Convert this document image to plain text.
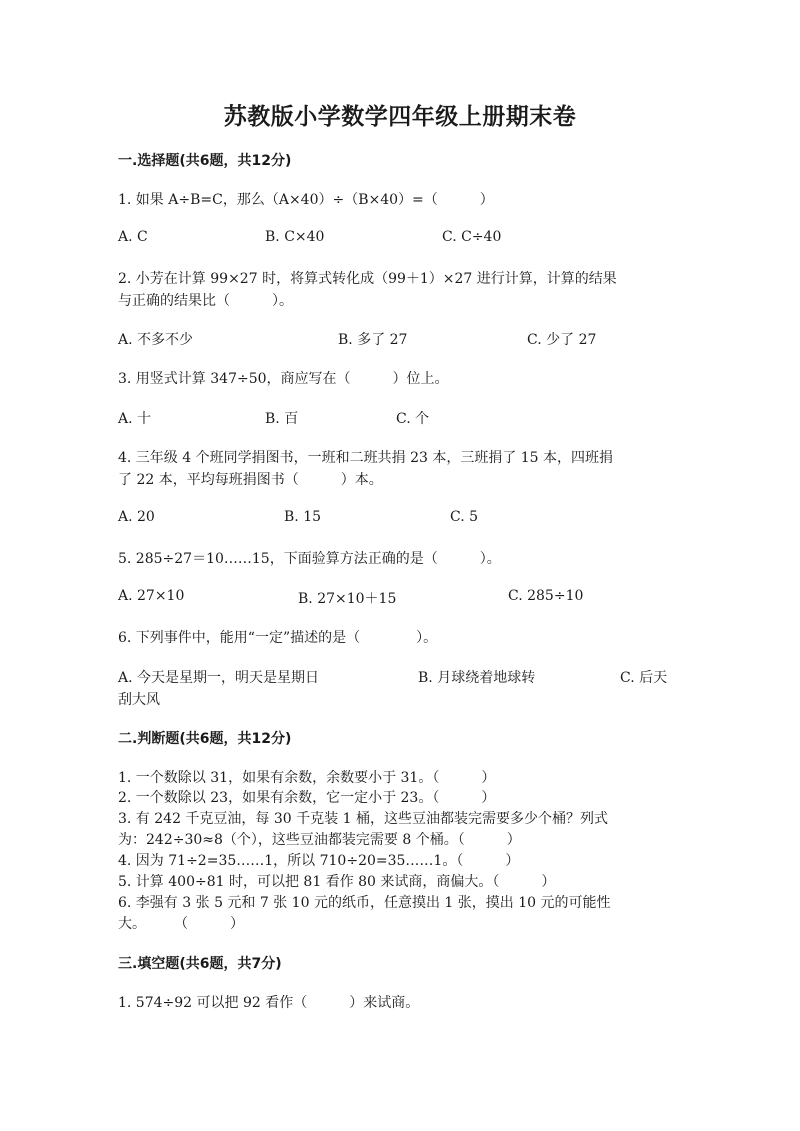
苏教版小学数学四年级上册期末卷
一.选择题(共6题，共12分)
1. 如果 A÷B=C，那么（A×40）÷（B×40）=（　　　）
A. C	B. C×40	C. C÷40
2. 小芳在计算 99×27 时，将算式转化成（99＋1）×27 进行计算，计算的结果
与正确的结果比（　　　）。
A. 不多不少	B. 多了 27	C. 少了 27
3. 用竖式计算 347÷50，商应写在（　　　）位上。
A. 十	B. 百	C. 个
4. 三年级 4 个班同学捐图书，一班和二班共捐 23 本，三班捐了 15 本，四班捐
了 22 本，平均每班捐图书（　　　）本。
A. 20	B. 15	C. 5
5. 285÷27＝10……15，下面验算方法正确的是（　　　）。
A. 27×10	B. 27×10＋15	C. 285÷10
6. 下列事件中，能用“一定”描述的是（　　　　）。
A. 今天是星期一，明天是星期日	B. 月球绕着地球转	C. 后天
刮大风
二.判断题(共6题，共12分)
1. 一个数除以 31，如果有余数，余数要小于 31。（　　　）
2. 一个数除以 23，如果有余数，它一定小于 23。（　　　）
3. 有 242 千克豆油，每 30 千克装 1 桶，这些豆油都装完需要多少个桶？列式
为：242÷30≈8（个），这些豆油都装完需要 8 个桶。（　　　）
4. 因为 71÷2=35……1，所以 710÷20=35……1。（　　　）
5. 计算 400÷81 时，可以把 81 看作 80 来试商，商偏大。（　　　）
6. 李强有 3 张 5 元和 7 张 10 元的纸币，任意摸出 1 张，摸出 10 元的可能性
大。　　　（　　　）
三.填空题(共6题，共7分)
1. 574÷92 可以把 92 看作（　　　）来试商。
